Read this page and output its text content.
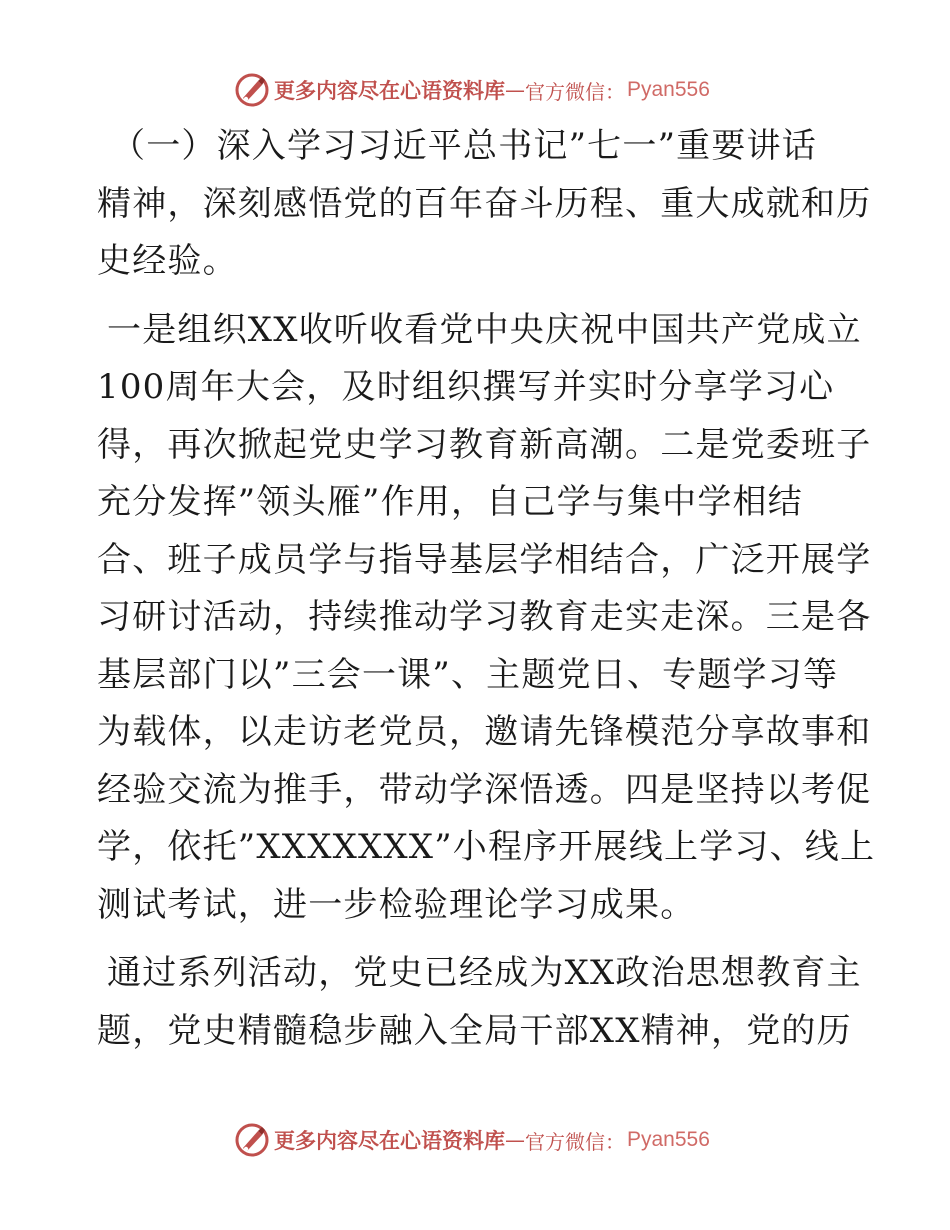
更多内容尽在心语资料库 — 官方微信： Pyan556

（一）深入学习习近平总书记”七一”重要讲话
精神，深刻感悟党的百年奋斗历程、重大成就和历
史经验。

一是组织XX收听收看党中央庆祝中国共产党成立
100周年大会，及时组织撰写并实时分享学习心
得，再次掀起党史学习教育新高潮。二是党委班子
充分发挥”领头雁”作用，自己学与集中学相结
合、班子成员学与指导基层学相结合，广泛开展学
习研讨活动，持续推动学习教育走实走深。三是各
基层部门以”三会一课”、主题党日、专题学习等
为载体，以走访老党员，邀请先锋模范分享故事和
经验交流为推手，带动学深悟透。四是坚持以考促
学，依托”XXXXXXX”小程序开展线上学习、线上
测试考试，进一步检验理论学习成果。

通过系列活动，党史已经成为XX政治思想教育主
题，党史精髓稳步融入全局干部XX精神，党的历

更多内容尽在心语资料库 — 官方微信： Pyan556
